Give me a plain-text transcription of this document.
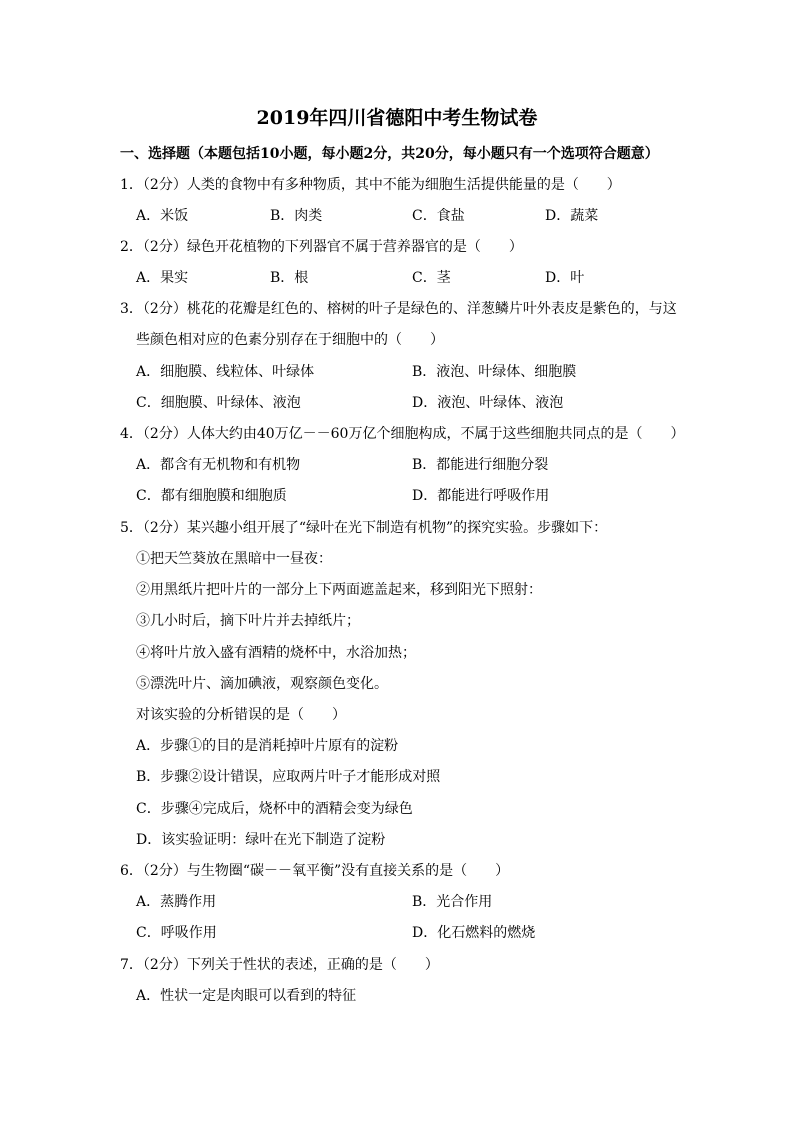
2019年四川省德阳中考生物试卷
一、选择题（本题包括10小题，每小题2分，共20分，每小题只有一个选项符合题意）
1．（2分）人类的食物中有多种物质，其中不能为细胞生活提供能量的是（　　）
A．米饭	B．肉类	C．食盐	D．蔬菜
2．（2分）绿色开花植物的下列器官不属于营养器官的是（　　）
A．果实	B．根	C．茎	D．叶
3．（2分）桃花的花瓣是红色的、榕树的叶子是绿色的、洋葱鳞片叶外表皮是紫色的，与这
些颜色相对应的色素分别存在于细胞中的（　　）
A．细胞膜、线粒体、叶绿体	B．液泡、叶绿体、细胞膜
C．细胞膜、叶绿体、液泡	D．液泡、叶绿体、液泡
4．（2分）人体大约由40万亿－－60万亿个细胞构成，不属于这些细胞共同点的是（　　）
A．都含有无机物和有机物	B．都能进行细胞分裂
C．都有细胞膜和细胞质	D．都能进行呼吸作用
5．（2分）某兴趣小组开展了“绿叶在光下制造有机物”的探究实验。步骤如下：
①把天竺葵放在黑暗中一昼夜：
②用黑纸片把叶片的一部分上下两面遮盖起来，移到阳光下照射：
③几小时后，摘下叶片并去掉纸片；
④将叶片放入盛有酒精的烧杯中，水浴加热；
⑤漂洗叶片、滴加碘液，观察颜色变化。
对该实验的分析错误的是（　　）
A．步骤①的目的是消耗掉叶片原有的淀粉
B．步骤②设计错误，应取两片叶子才能形成对照
C．步骤④完成后，烧杯中的酒精会变为绿色
D．该实验证明：绿叶在光下制造了淀粉
6．（2分）与生物圈“碳－－氧平衡”没有直接关系的是（　　）
A．蒸腾作用	B．光合作用
C．呼吸作用	D．化石燃料的燃烧
7．（2分）下列关于性状的表述，正确的是（　　）
A．性状一定是肉眼可以看到的特征
